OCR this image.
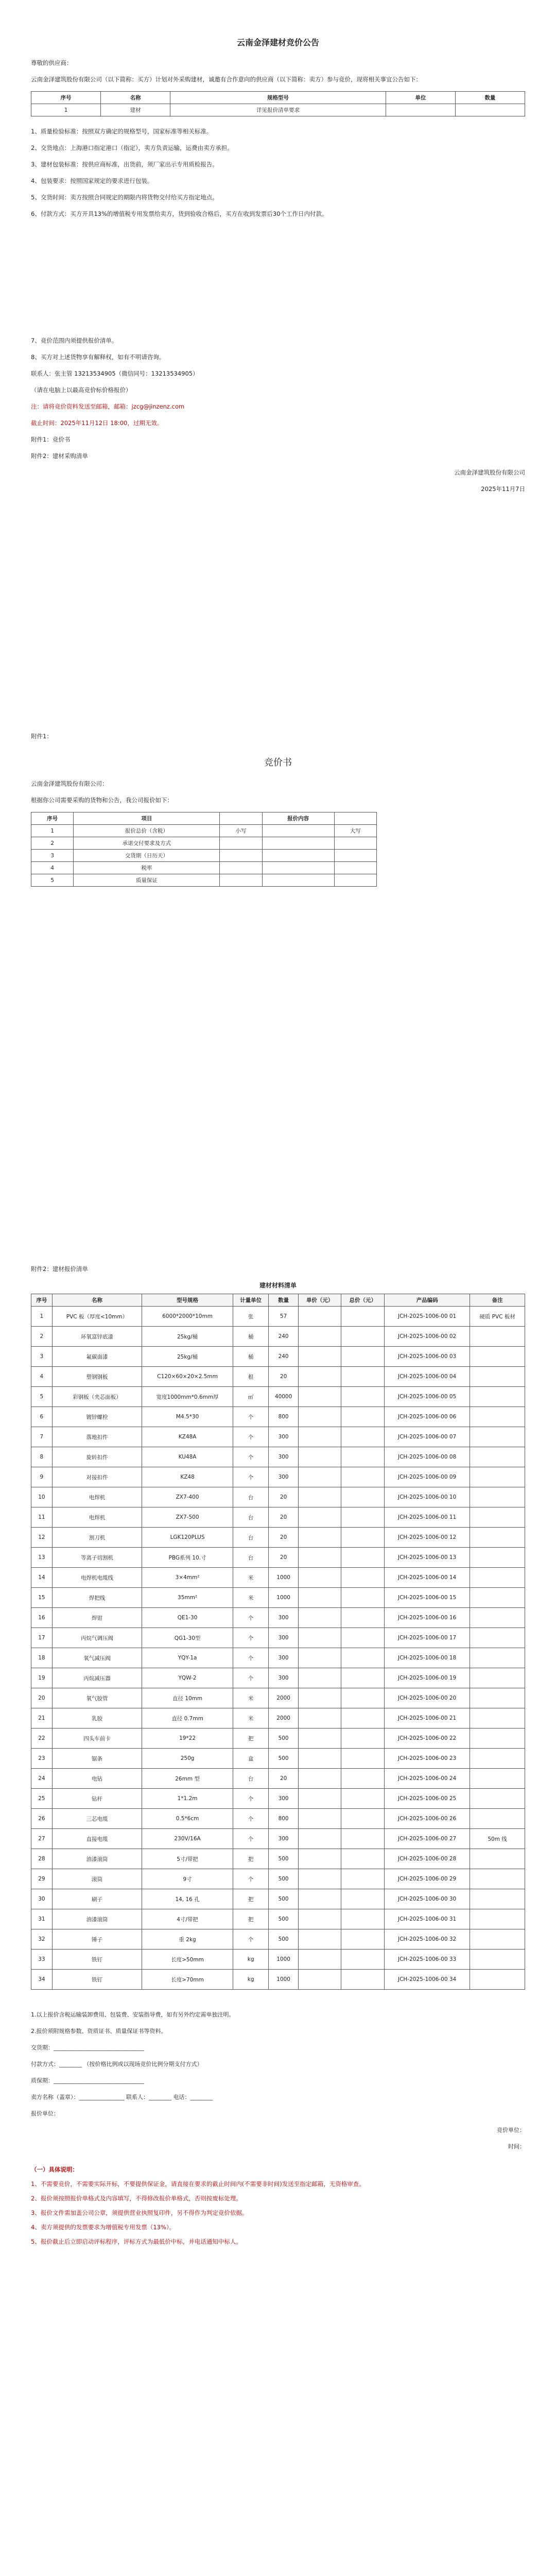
云南金泽建材竞价公告
尊敬的供应商：
云南金泽建筑股份有限公司（以下简称：买方）计划对外采购建材，诚邀有合作意向的供应商（以下简称：卖方）参与竞价，现将相关事宜公告如下：
序号	名称	规格型号	单位	数量
1	建材	详见报价清单要求		
1、质量检验标准：按照双方确定的规格型号，国家标准等相关标准。
2、交货地点：上海港口指定港口（指定），卖方负责运输，运费由卖方承担。
3、建材包装标准：按供应商标准，出货前，须厂家出示专用质检报告。
4、包装要求：按照国家规定的要求进行包装。
5、交货时间：卖方按照合同规定的期限内将货物交付给买方指定地点。
6、付款方式：买方开具13%的增值税专用发票给卖方，货到验收合格后，买方在收到发票后30个工作日内付款。
7、竞价范围内须提供报价清单。
8、买方对上述货物享有解释权，如有不明请咨询。
联系人：张主管 13213534905（微信同号：13213534905）
（请在电脑上以最高竞价标价格报价）
注：请将竞价资料发送至邮箱，邮箱：jzcg@jinzenz.com
截止时间：2025年11月12日 18:00，过期无效。
附件1：竞价书
附件2：建材采购清单
云南金泽建筑股份有限公司
2025年11月7日
附件1：
竞价书
云南金泽建筑股份有限公司：
根据你公司需要采购的货物和公告，我公司报价如下：
序号	项目		报价内容	
1	报价总价（含税）	小写		大写
2	承诺交付要求及方式			
3	交货期（日历天）			
4	税率			
5	质量保证			
附件2：建材报价清单
建材材料清单
序号	名称	型号规格	计量单位	数量	单价（元）	总价（元）	产品编码	备注
1	PVC 板（厚度<10mm）	6000*2000*10mm	张	57			JCH-2025-1006-00 01	硬质 PVC 板材
2	环氧富锌底漆	25kg/桶	桶	240			JCH-2025-1006-00 02	
3	氟碳面漆	25kg/桶	桶	240			JCH-2025-1006-00 03	
4	塑钢钢板	C120×60×20×2.5mm	根	20			JCH-2025-1006-00 04	
5	彩钢板（夹芯面板）	宽度1000mm*0.6mm厚	㎡	40000			JCH-2025-1006-00 05	
6	镀锌螺栓	M4.5*30	个	800			JCH-2025-1006-00 06	
7	落地扣件	KZ48A	个	300			JCH-2025-1006-00 07	
8	旋转扣件	KU48A	个	300			JCH-2025-1006-00 08	
9	对接扣件	KZ48	个	300			JCH-2025-1006-00 09	
10	电焊机	ZX7-400	台	20			JCH-2025-1006-00 10	
11	电焊机	ZX7-500	台	20			JCH-2025-1006-00 11	
12	割刀机	LGK120PLUS	台	20			JCH-2025-1006-00 12	
13	等离子切割机	PBG系列 10.寸	台	20			JCH-2025-1006-00 13	
14	电焊机电缆线	3×4mm²	米	1000			JCH-2025-1006-00 14	
15	焊把线	35mm²	米	1000			JCH-2025-1006-00 15	
16	焊钳	QE1-30	个	300			JCH-2025-1006-00 16	
17	丙烷气调压阀	QG1-30型	个	300			JCH-2025-1006-00 17	
18	氧气减压阀	YQY-1a	个	300			JCH-2025-1006-00 18	
19	丙烷减压器	YQW-2	个	300			JCH-2025-1006-00 19	
20	氧气胶管	直径 10mm	米	2000			JCH-2025-1006-00 20	
21	乳胶	直径 0.7mm	米	2000			JCH-2025-1006-00 21	
22	四头车前卡	19*22	把	500			JCH-2025-1006-00 22	
23	锯条	250g	盒	500			JCH-2025-1006-00 23	
24	电钻	26mm 型	台	20			JCH-2025-1006-00 24	
25	钻杆	1*1.2m	个	300			JCH-2025-1006-00 25	
26	三芯电缆	0.5*6cm	个	800			JCH-2025-1006-00 26	
27	直接电缆	230V/16A	个	300			JCH-2025-1006-00 27	50m 线
28	油漆滚筒	5寸/带把	把	500			JCH-2025-1006-00 28	
29	滚筒	9寸	个	500			JCH-2025-1006-00 29	
30	刷子	14, 16 孔	把	500			JCH-2025-1006-00 30	
31	油漆滚筒	4寸/带把	把	500			JCH-2025-1006-00 31	
32	锤子	重 2kg	个	500			JCH-2025-1006-00 32	
33	铁钉	长度>50mm	kg	1000			JCH-2025-1006-00 33	
34	铁钉	长度>70mm	kg	1000			JCH-2025-1006-00 34	
1.以上报价含税运输装卸费用、包装费、安装指导费，如有另外约定需单独注明。
2.报价须附规格参数、资质证书、质量保证书等资料。
交货期：________________________________
付款方式：________ （按价格比例或以现场竞价比例分期支付方式）
质保期：________________________________
卖方名称（盖章）：________________ 联系人：________ 电话：________
报价单位：
竞价单位：
时间：
（一）具体说明：
1、不需要竞价，不需要实际开标，不要提供保证金，请直接在要求的截止时间内(不需要非时间)发送至指定邮箱，无资格审查。
2、报价须按照报价单格式及内容填写，不得修改报价单格式，否则按废标处理。
3、报价文件需加盖公司公章，须提供营业执照复印件，另不得作为判定竞价依据。
4、卖方须提供的发票要求为增值税专用发票（13%）。
5、报价截止后立即启动评标程序，评标方式为最低价中标，并电话通知中标人。
